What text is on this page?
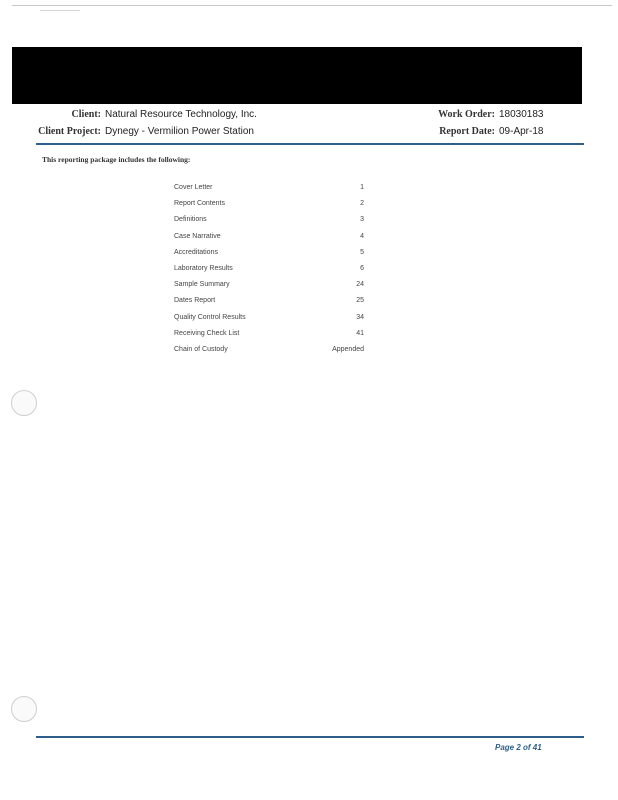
Client: Natural Resource Technology, Inc.
Client Project: Dynegy - Vermilion Power Station
Work Order: 18030183
Report Date: 09-Apr-18
This reporting package includes the following:
Cover Letter	1
Report Contents	2
Definitions	3
Case Narrative	4
Accreditations	5
Laboratory Results	6
Sample Summary	24
Dates Report	25
Quality Control Results	34
Receiving Check List	41
Chain of Custody	Appended
Page 2 of 41
